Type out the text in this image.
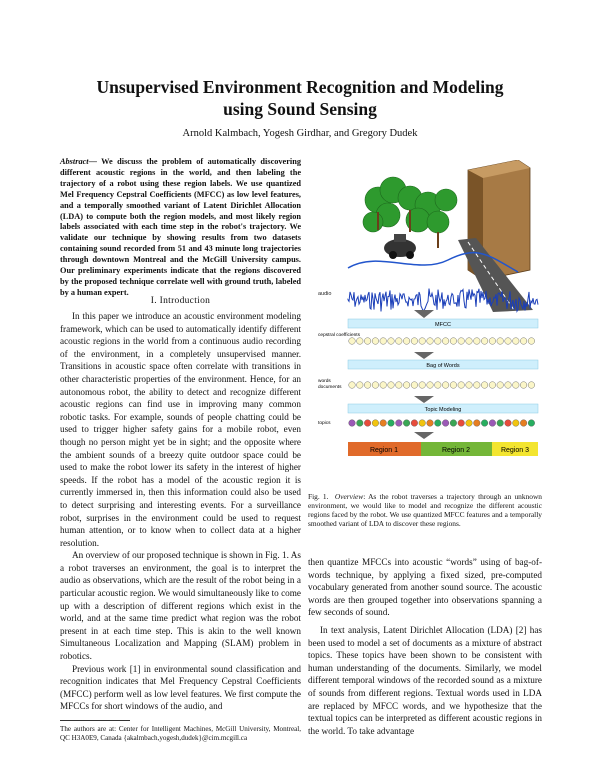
Unsupervised Environment Recognition and Modeling
using Sound Sensing
Arnold Kalmbach, Yogesh Girdhar, and Gregory Dudek
Abstract— We discuss the problem of automatically discovering different acoustic regions in the world, and then labeling the trajectory of a robot using these region labels. We use quantized Mel Frequency Cepstral Coefficients (MFCC) as low level features, and a temporally smoothed variant of Latent Dirichlet Allocation (LDA) to compute both the region models, and most likely region labels associated with each time step in the robot's trajectory. We validate our technique by showing results from two datasets containing sound recorded from 51 and 43 minute long trajectories through downtown Montreal and the McGill University campus. Our preliminary experiments indicate that the regions discovered by the proposed technique correlate well with ground truth, labeled by a human expert.
I. Introduction

In this paper we introduce an acoustic environment modeling framework, which can be used to automatically identify different acoustic regions in the world from a continuous audio recording of the environment, in a completely unsupervised manner. Transitions in acoustic space often correlate with transitions in other characteristic properties of the environment. Hence, for an autonomous robot, the ability to detect and recognize different acoustic regions can find use in improving many common robotic tasks. For example, sounds of people chatting could be used to trigger higher safety gains for a mobile robot, even though no person might yet be in sight; and the opposite where the ambient sounds of a breezy quite outdoor space could be used to make the robot lower its safety in the interest of higher speeds. If the robot has a model of the acoustic region it is currently immersed in, then this information could also be used to detect surprising and interesting events. For a surveillance robot, surprises in the environment could be used to request human attention, or to know when to collect data at a higher resolution.

An overview of our proposed technique is shown in Fig. 1. As a robot traverses an environment, the goal is to interpret the audio as observations, which are the result of the robot being in a particular acoustic region. We would simultaneously like to come up with a description of different regions which exist in the world, and at the same time predict what region was the robot present in at each time step. This is akin to the well known Simultaneous Localization and Mapping (SLAM) problem in robotics.

Previous work [1] in environmental sound classification and recognition indicates that Mel Frequency Cepstral Coefficients (MFCC) perform well as low level features. We first compute the MFCCs for short windows of the audio, and

The authors are at: Center for Intelligent Machines, McGill University, Montreal, QC H3A0E9, Canada {akalmbach,yogesh,dudek}@cim.mcgill.ca
audio
MFCC
cepstral coefficients
Bag of Words
words
documents
Topic Modeling
topics
Region 1	Region 2	Region 3
Fig. 1. Overview: As the robot traverses a trajectory through an unknown environment, we would like to model and recognize the different acoustic regions faced by the robot. We use quantized MFCC features and a temporally smoothed variant of LDA to discover these regions.

then quantize MFCCs into acoustic “words” using of bag-of-words technique, by applying a fixed sized, pre-computed vocabulary generated from another sound source. The acoustic words are then grouped together into observations spanning a few seconds of sound.

In text analysis, Latent Dirichlet Allocation (LDA) [2] has been used to model a set of documents as a mixture of abstract topics. These topics have been shown to be consistent with human understanding of the documents. Similarly, we model different temporal windows of the recorded sound as a mixture of sounds from different regions. Textual words used in LDA are replaced by MFCC words, and we hypothesize that the textual topics can be interpreted as different acoustic regions in the world. To take advantage
